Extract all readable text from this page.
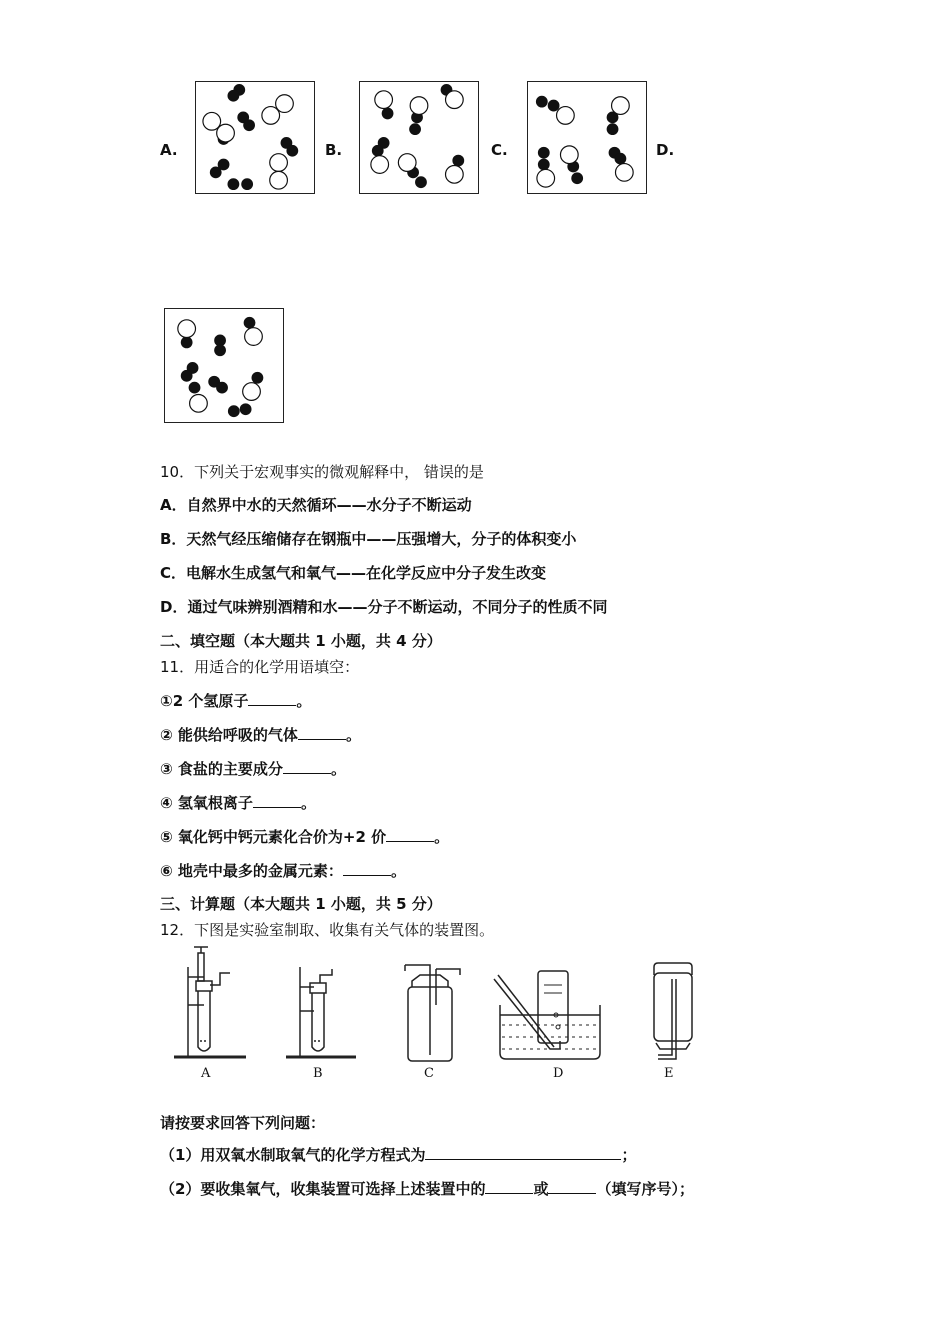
A.	B.	C.	D.
10．下列关于宏观事实的微观解释中， 错误的是
A．自然界中水的天然循环——水分子不断运动
B．天然气经压缩储存在钢瓶中——压强增大，分子的体积变小
C．电解水生成氢气和氧气——在化学反应中分子发生改变
D．通过气味辨别酒精和水——分子不断运动，不同分子的性质不同
二、填空题（本大题共 1 小题，共 4 分）
11．用适合的化学用语填空：
①2 个氢原子	。
② 能供给呼吸的气体	。
③ 食盐的主要成分	。
④ 氢氧根离子	。
⑤ 氧化钙中钙元素化合价为+2 价	。
⑥ 地壳中最多的金属元素：	。
三、计算题（本大题共 1 小题，共 5 分）
12．下图是实验室制取、收集有关气体的装置图。
A	B	C	D	E
请按要求回答下列问题：
（1）用双氧水制取氧气的化学方程式为	；
（2）要收集氧气，收集装置可选择上述装置中的	或	（填写序号）；
